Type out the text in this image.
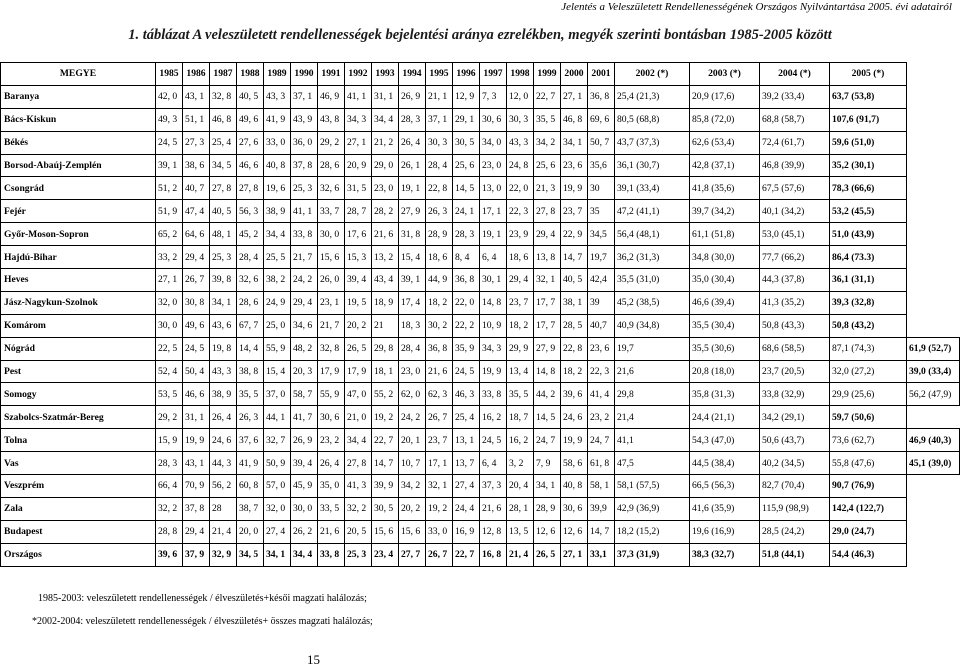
Jelentés a Veleszületett Rendellenességének Országos Nyilvántartása 2005. évi adatairól
1. táblázat A veleszületett rendellenességek bejelentési aránya ezrelékben, megyék szerinti bontásban 1985-2005 között
MEGYE	1985	1986	1987	1988	1989	1990	1991	1992	1993	1994	1995	1996	1997	1998	1999	2000	2001	2002 (*)	2003 (*)	2004 (*)	2005 (*)	
Baranya	42, 0	43, 1	32, 8	40, 5	43, 3	37, 1	46, 9	41, 1	31, 1	26, 9	21, 1	12, 9	7, 3	12, 0	22, 7	27, 1	36, 8	25,4 (21,3)	20,9 (17,6)	39,2 (33,4)	63,7 (53,8)	
Bács-Kiskun	49, 3	51, 1	46, 8	49, 6	41, 9	43, 9	43, 8	34, 3	34, 4	28, 3	37, 1	29, 1	30, 6	30, 3	35, 5	46, 8	69, 6	80,5 (68,8)	85,8 (72,0)	68,8 (58,7)	107,6 (91,7)	
Békés	24, 5	27, 3	25, 4	27, 6	33, 0	36, 0	29, 2	27, 1	21, 2	26, 4	30, 3	30, 5	34, 0	43, 3	34, 2	34, 1	50, 7	43,7 (37,3)	62,6 (53,4)	72,4 (61,7)	59,6 (51,0)	
Borsod-Abaúj-Zemplén	39, 1	38, 6	34, 5	46, 6	40, 8	37, 8	28, 6	20, 9	29, 0	26, 1	28, 4	25, 6	23, 0	24, 8	25, 6	23, 6	35,6	36,1 (30,7)	42,8 (37,1)	46,8 (39,9)	35,2 (30,1)	
Csongrád	51, 2	40, 7	27, 8	27, 8	19, 6	25, 3	32, 6	31, 5	23, 0	19, 1	22, 8	14, 5	13, 0	22, 0	21, 3	19, 9	30	39,1 (33,4)	41,8 (35,6)	67,5 (57,6)	78,3 (66,6)	
Fejér	51, 9	47, 4	40, 5	56, 3	38, 9	41, 1	33, 7	28, 7	28, 2	27, 9	26, 3	24, 1	17, 1	22, 3	27, 8	23, 7	35	47,2 (41,1)	39,7 (34,2)	40,1 (34,2)	53,2 (45,5)	
Győr-Moson-Sopron	65, 2	64, 6	48, 1	45, 2	34, 4	33, 8	30, 0	17, 6	21, 6	31, 8	28, 9	28, 3	19, 1	23, 9	29, 4	22, 9	34,5	56,4 (48,1)	61,1 (51,8)	53,0 (45,1)	51,0 (43,9)	
Hajdú-Bihar	33, 2	29, 4	25, 3	28, 4	25, 5	21, 7	15, 6	15, 3	13, 2	15, 4	18, 6	8, 4	6, 4	18, 6	13, 8	14, 7	19,7	36,2 (31,3)	34,8 (30,0)	77,7 (66,2)	86,4 (73.3)	
Heves	27, 1	26, 7	39, 8	32, 6	38, 2	24, 2	26, 0	39, 4	43, 4	39, 1	44, 9	36, 8	30, 1	29, 4	32, 1	40, 5	42,4	35,5 (31,0)	35,0 (30,4)	44,3 (37,8)	36,1 (31,1)	
Jász-Nagykun-Szolnok	32, 0	30, 8	34, 1	28, 6	24, 9	29, 4	23, 1	19, 5	18, 9	17, 4	18, 2	22, 0	14, 8	23, 7	17, 7	38, 1	39	45,2 (38,5)	46,6 (39,4)	41,3 (35,2)	39,3 (32,8)	
Komárom	30, 0	49, 6	43, 6	67, 7	25, 0	34, 6	21, 7	20, 2	21	18, 3	30, 2	22, 2	10, 9	18, 2	17, 7	28, 5	40,7	40,9 (34,8)	35,5 (30,4)	50,8 (43,3)	50,8 (43,2)	
Nógrád	22, 5	24, 5	19, 8	14, 4	55, 9	48, 2	32, 8	26, 5	29, 8	28, 4	36, 8	35, 9	34, 3	29, 9	27, 9	22, 8	23, 6	19,7	35,5 (30,6)	68,6 (58,5)	87,1 (74,3)	61,9 (52,7)
Pest	52, 4	50, 4	43, 3	38, 8	15, 4	20, 3	17, 9	17, 9	18, 1	23, 0	21, 6	24, 5	19, 9	13, 4	14, 8	18, 2	22, 3	21,6	20,8 (18,0)	23,7 (20,5)	32,0 (27,2)	39,0 (33,4)
Somogy	53, 5	46, 6	38, 9	35, 5	37, 0	58, 7	55, 9	47, 0	55, 2	62, 0	62, 3	46, 3	33, 8	35, 5	44, 2	39, 6	41, 4	29,8	35,8 (31,3)	33,8 (32,9)	29,9 (25,6)	56,2 (47,9)
Szabolcs-Szatmár-Bereg	29, 2	31, 1	26, 4	26, 3	44, 1	41, 7	30, 6	21, 0	19, 2	24, 2	26, 7	25, 4	16, 2	18, 7	14, 5	24, 6	23, 2	21,4	24,4 (21,1)	34,2 (29,1)	59,7 (50,6)	
Tolna	15, 9	19, 9	24, 6	37, 6	32, 7	26, 9	23, 2	34, 4	22, 7	20, 1	23, 7	13, 1	24, 5	16, 2	24, 7	19, 9	24, 7	41,1	54,3 (47,0)	50,6 (43,7)	73,6 (62,7)	46,9 (40,3)
Vas	28, 3	43, 1	44, 3	41, 9	50, 9	39, 4	26, 4	27, 8	14, 7	10, 7	17, 1	13, 7	6, 4	3, 2	7, 9	58, 6	61, 8	47,5	44,5 (38,4)	40,2 (34,5)	55,8 (47,6)	45,1 (39,0)
Veszprém	66, 4	70, 9	56, 2	60, 8	57, 0	45, 9	35, 0	41, 3	39, 9	34, 2	32, 1	27, 4	37, 3	20, 4	34, 1	40, 8	58, 1	58,1 (57,5)	66,5 (56,3)	82,7 (70,4)	90,7 (76,9)	
Zala	32, 2	37, 8	28	38, 7	32, 0	30, 0	33, 5	32, 2	30, 5	20, 2	19, 2	24, 4	21, 6	28, 1	28, 9	30, 6	39,9	42,9 (36,9)	41,6 (35,9)	115,9 (98,9)	142,4 (122,7)	
Budapest	28, 8	29, 4	21, 4	20, 0	27, 4	26, 2	21, 6	20, 5	15, 6	15, 6	33, 0	16, 9	12, 8	13, 5	12, 6	12, 6	14, 7	18,2 (15,2)	19,6 (16,9)	28,5 (24,2)	29,0 (24,7)	
Országos	39, 6	37, 9	32, 9	34, 5	34, 1	34, 4	33, 8	25, 3	23, 4	27, 7	26, 7	22, 7	16, 8	21, 4	26, 5	27, 1	33,1	37,3 (31,9)	38,3 (32,7)	51,8 (44,1)	54,4 (46,3)	
1985-2003: veleszületett rendellenességek / élveszületés+késői magzati halálozás;
*2002-2004: veleszületett rendellenességek / élveszületés+ összes magzati halálozás;
15
